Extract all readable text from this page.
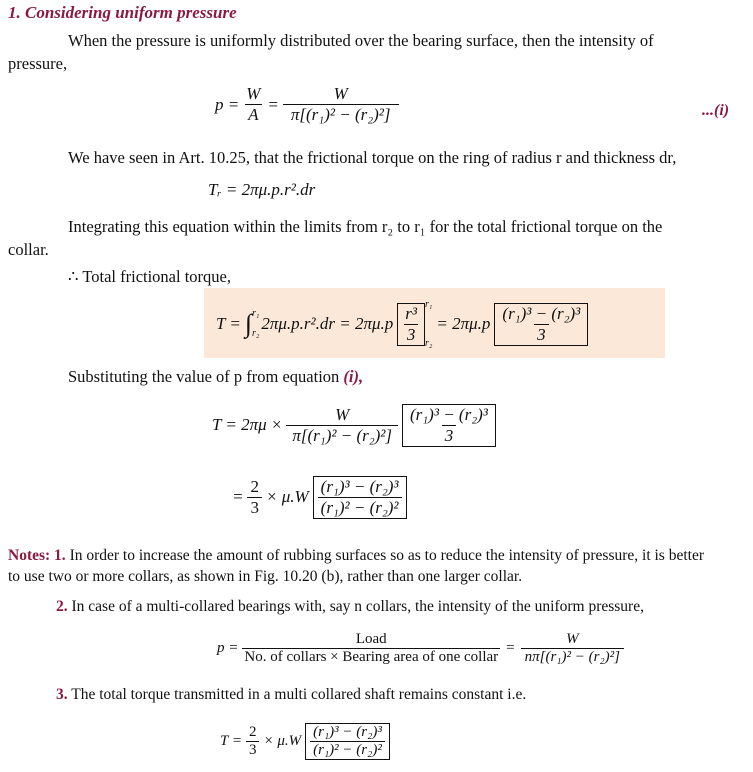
1. Considering uniform pressure
When the pressure is uniformly distributed over the bearing surface, then the intensity of
pressure,
$p = \frac{W}{A} = \frac{W}{\text{π[(r₁)² − (r₂)²]}}$	...(i)
We have seen in Art. 10.25, that the frictional torque on the ring of radius r and thickness dr,
Tᵣ = 2πμ.p.r².dr
Integrating this equation within the limits from r₂ to r₁ for the total frictional torque on the
collar.
∴ Total frictional torque,
T = ∫ r₁
r₂
$2\pi\mu.p.r^2.dr = 2\pi\mu.p \frac{\text{r³}}{3} r_1$
r₂
= $2\pi\mu.p \frac{\text{(r₁)³ − (r₂)³}}{3}$
Substituting the value of p from equation (i),
$T = 2\pi\mu \times \frac{W}{\text{π[(r₁)² − (r₂)²]}} \frac{\text{(r₁)³ − (r₂)³}}{3}$
= $\frac{2}{3} \times \mu.W \frac{\text{(r₁)³ − (r₂)³}}{\text{(r₁)² − (r₂)²}}$
Notes: 1. In order to increase the amount of rubbing surfaces so as to reduce the intensity of pressure, it is better
to use two or more collars, as shown in Fig. 10.20 (b), rather than one larger collar.
2. In case of a multi-collared bearings with, say n collars, the intensity of the uniform pressure,
$p = \frac{\text{Load}}{\text{No. of collars × Bearing area of one collar}} = \frac{W}{\text{nπ[(r₁)² − (r₂)²]}}$
3. The total torque transmitted in a multi collared shaft remains constant i.e.
$T = \frac{2}{3} \times \mu.W \frac{\text{(r₁)³ − (r₂)³}}{\text{(r₁)² − (r₂)²}}$
